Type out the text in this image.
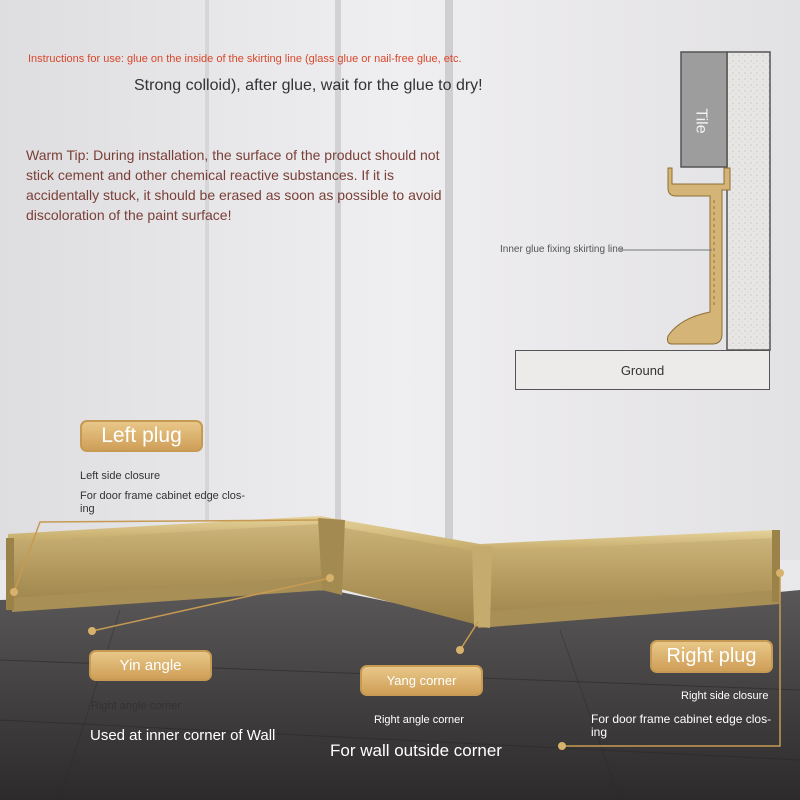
Instructions for use: glue on the inside of the skirting line (glass glue or nail-free glue, etc.
Strong colloid), after glue, wait for the glue to dry!
Warm Tip: During installation, the surface of the product should not stick cement and other chemical reactive substances. If it is accidentally stuck, it should be erased as soon as possible to avoid discoloration of the paint surface!
Tile
Inner glue fixing skirting line
Ground
Left plug
Left side closure
For door frame cabinet edge clos-
ing
Yin angle
Right angle corner
Used at inner corner of Wall
Yang corner
Right angle corner
For wall outside corner
Right plug
Right side closure
For door frame cabinet edge clos-
ing
